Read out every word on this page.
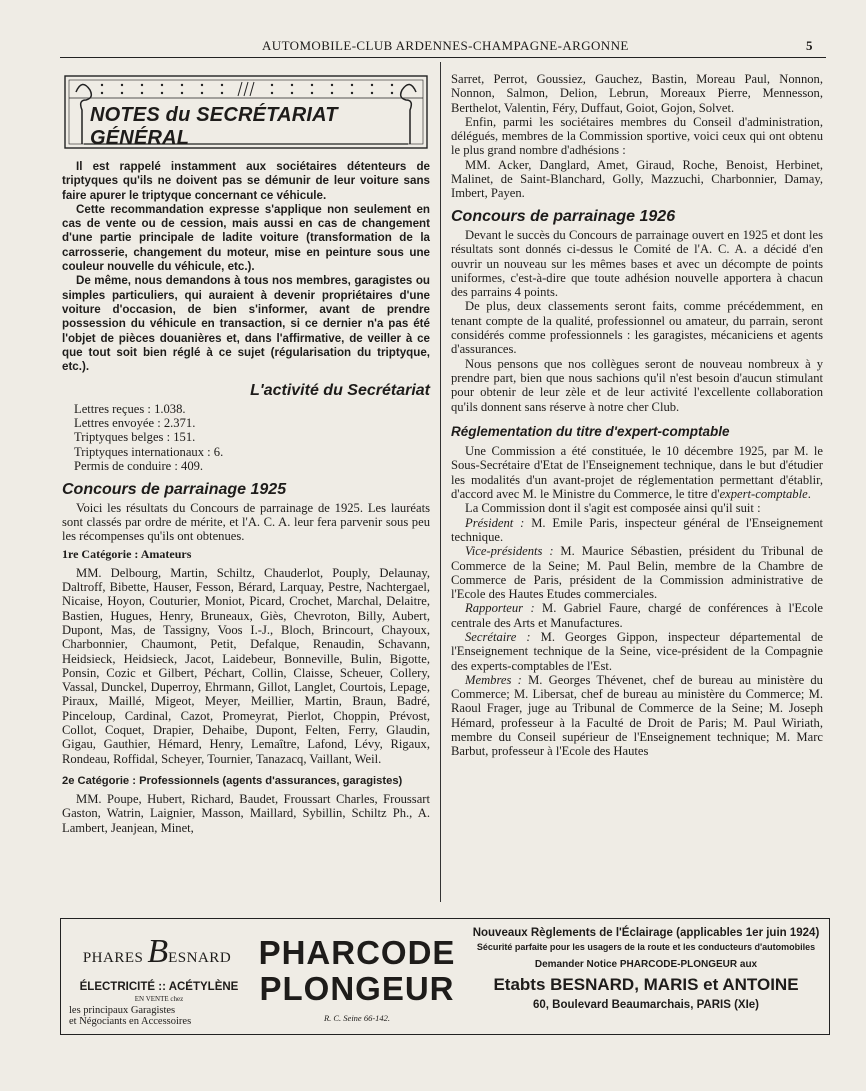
AUTOMOBILE-CLUB ARDENNES-CHAMPAGNE-ARGONNE	5
NOTES du SECRÉTARIAT GÉNÉRAL

Il est rappelé instamment aux sociétaires détenteurs de triptyques qu'ils ne doivent pas se démunir de leur voiture sans faire apurer le triptyque concernant ce véhicule.

Cette recommandation expresse s'applique non seulement en cas de vente ou de cession, mais aussi en cas de changement d'une partie principale de ladite voiture (transformation de la carrosserie, changement du moteur, mise en peinture sous une couleur nouvelle du véhicule, etc.).

De même, nous demandons à tous nos membres, garagistes ou simples particuliers, qui auraient à devenir propriétaires d'une voiture d'occasion, de bien s'informer, avant de prendre possession du véhicule en transaction, si ce dernier n'a pas été l'objet de pièces douanières et, dans l'affirmative, de veiller à ce que tout soit bien réglé à ce sujet (régularisation du triptyque, etc.).

L'activité du Secrétariat

Lettres reçues : 1.038.

Lettres envoyée : 2.371.

Triptyques belges : 151.

Triptyques internationaux : 6.

Permis de conduire : 409.

Concours de parrainage 1925

Voici les résultats du Concours de parrainage de 1925. Les lauréats sont classés par ordre de mérite, et l'A. C. A. leur fera parvenir sous peu les récompenses qu'ils ont obtenues.

1re Catégorie : Amateurs

MM. Delbourg, Martin, Schiltz, Chauderlot, Pouply, Delaunay, Daltroff, Bibette, Hauser, Fesson, Bérard, Larquay, Pestre, Nachtergael, Nicaise, Hoyon, Couturier, Moniot, Picard, Crochet, Marchal, Delaitre, Bastien, Hugues, Henry, Bruneaux, Giès, Chevroton, Billy, Aubert, Dupont, Mas, de Tassigny, Voos I.-J., Bloch, Brincourt, Chayoux, Charbonnier, Chaumont, Petit, Defalque, Renaudin, Schavann, Heidsieck, Heidsieck, Jacot, Laidebeur, Bonneville, Bulin, Bigotte, Ponsin, Cozic et Gilbert, Péchart, Collin, Claisse, Scheuer, Collery, Vassal, Dunckel, Duperroy, Ehrmann, Gillot, Langlet, Courtois, Lepage, Piraux, Maillé, Migeot, Meyer, Meillier, Martin, Braun, Badré, Pinceloup, Cardinal, Cazot, Promeyrat, Pierlot, Choppin, Prévost, Collot, Coquet, Drapier, Dehaibe, Dupont, Felten, Ferry, Glaudin, Gigau, Gauthier, Hémard, Henry, Lemaître, Lafond, Lévy, Rigaux, Rondeau, Roffidal, Scheyer, Tournier, Tanazacq, Vaillant, Weil.

2e Catégorie : Professionnels (agents d'assurances, garagistes)

MM. Poupe, Hubert, Richard, Baudet, Froussart Charles, Froussart Gaston, Watrin, Laignier, Masson, Maillard, Sybillin, Schiltz Ph., A. Lambert, Jeanjean, Minet,

Sarret, Perrot, Goussiez, Gauchez, Bastin, Moreau Paul, Nonnon, Nonnon, Salmon, Delion, Lebrun, Moreaux Pierre, Mennesson, Berthelot, Valentin, Féry, Duffaut, Goiot, Gojon, Solvet.

Enfin, parmi les sociétaires membres du Conseil d'administration, délégués, membres de la Commission sportive, voici ceux qui ont obtenu le plus grand nombre d'adhésions :

MM. Acker, Danglard, Amet, Giraud, Roche, Benoist, Herbinet, Malinet, de Saint-Blanchard, Golly, Mazzuchi, Charbonnier, Damay, Imbert, Payen.

Concours de parrainage 1926

Devant le succès du Concours de parrainage ouvert en 1925 et dont les résultats sont donnés ci-dessus le Comité de l'A. C. A. a décidé d'en ouvrir un nouveau sur les mêmes bases et avec un décompte de points uniformes, c'est-à-dire que toute adhésion nouvelle apportera à chacun des parrains 4 points.

De plus, deux classements seront faits, comme précédemment, en tenant compte de la qualité, professionnel ou amateur, du parrain, seront considérés comme professionnels : les garagistes, mécaniciens et agents d'assurances.

Nous pensons que nos collègues seront de nouveau nombreux à y prendre part, bien que nous sachions qu'il n'est besoin d'aucun stimulant pour obtenir de leur zèle et de leur activité l'excellente collaboration qu'ils donnent sans réserve à notre cher Club.

Réglementation du titre d'expert-comptable

Une Commission a été constituée, le 10 décembre 1925, par M. le Sous-Secrétaire d'Etat de l'Enseignement technique, dans le but d'étudier les modalités d'un avant-projet de réglementation permettant d'établir, d'accord avec M. le Ministre du Commerce, le titre d'expert-comptable.

La Commission dont il s'agit est composée ainsi qu'il suit :

Président : M. Emile Paris, inspecteur général de l'Enseignement technique.

Vice-présidents : M. Maurice Sébastien, président du Tribunal de Commerce de la Seine; M. Paul Belin, membre de la Chambre de Commerce de Paris, président de la Commission administrative de l'Ecole des Hautes Etudes commerciales.

Rapporteur : M. Gabriel Faure, chargé de conférences à l'Ecole centrale des Arts et Manufactures.

Secrétaire : M. Georges Gippon, inspecteur départemental de l'Enseignement technique de la Seine, vice-président de la Compagnie des experts-comptables de l'Est.

Membres : M. Georges Thévenet, chef de bureau au ministère du Commerce; M. Libersat, chef de bureau au ministère du Commerce; M. Raoul Frager, juge au Tribunal de Commerce de la Seine; M. Joseph Hémard, professeur à la Faculté de Droit de Paris; M. Paul Wiriath, membre du Conseil supérieur de l'Enseignement technique; M. Marc Barbut, professeur à l'Ecole des Hautes

PHARES BESNARD
ÉLECTRICITÉ :: ACÉTYLÈNE
EN VENTE chez
les principaux Garagistes
et Négociants en Accessoires
PHARCODE
PLONGEUR
R. C. Seine 66-142.
Nouveaux Règlements de l'Éclairage (applicables 1er juin 1924)
Sécurité parfaite pour les usagers de la route et les conducteurs d'automobiles
Demander Notice PHARCODE-PLONGEUR aux
Etabts BESNARD, MARIS et ANTOINE
60, Boulevard Beaumarchais, PARIS (XIe)
